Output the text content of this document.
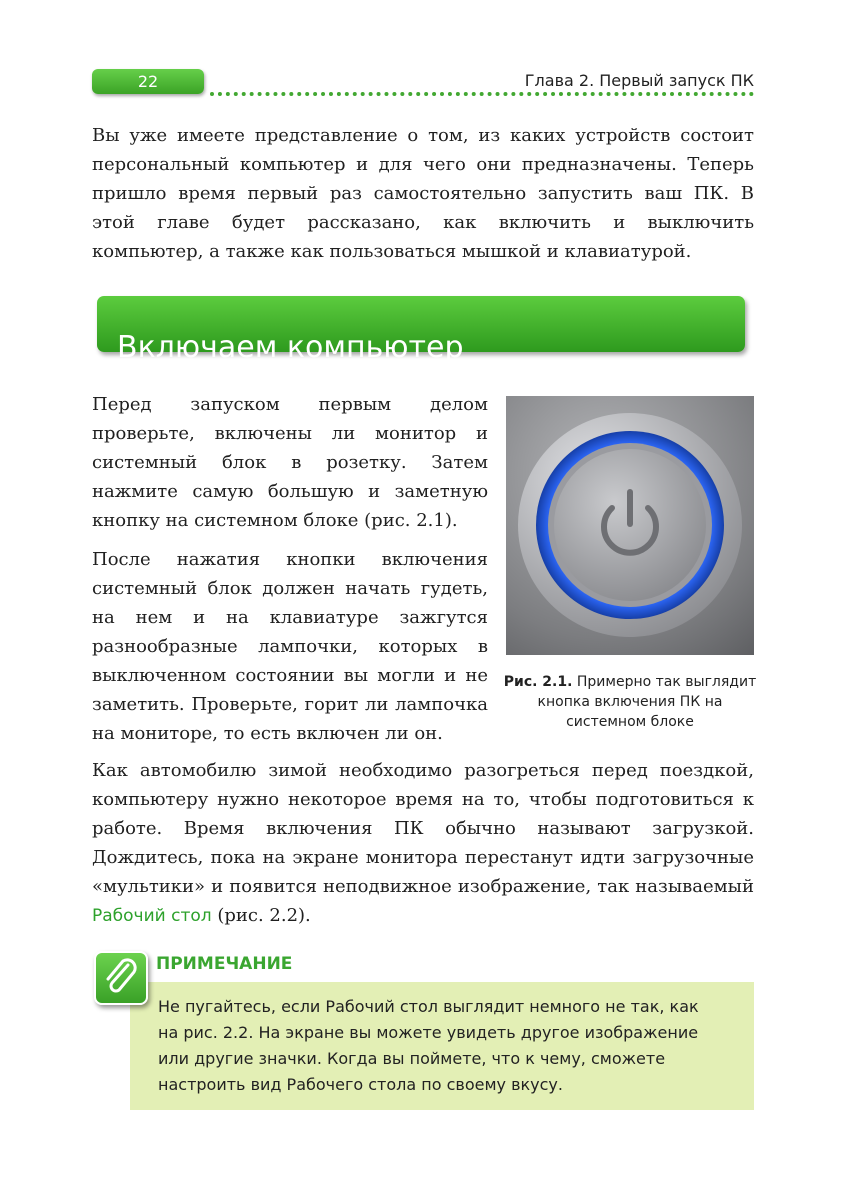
22	Глава 2. Первый запуск ПК

Вы уже имеете представление о том, из каких устройств состоит персональный компьютер и для чего они предназначены. Теперь пришло время первый раз самостоятельно запустить ваш ПК. В этой главе будет рассказано, как включить и выключить компьютер, а также как пользоваться мышкой и клавиатурой.

Включаем компьютер

Перед запуском первым делом проверьте, включены ли монитор и системный блок в розетку. Затем нажмите самую большую и заметную кнопку на системном блоке (рис. 2.1).

После нажатия кнопки включения системный блок должен начать гудеть, на нем и на клавиатуре зажгутся разнообразные лампочки, которых в выключенном состоянии вы могли и не заметить. Проверьте, горит ли лампочка на мониторе, то есть включен ли он.

Рис. 2.1. Примерно так выглядит кнопка включения ПК на системном блоке

Как автомобилю зимой необходимо разогреться перед поездкой, компьютеру нужно некоторое время на то, чтобы подготовиться к работе. Время включения ПК обычно называют загрузкой. Дождитесь, пока на экране монитора перестанут идти загрузочные «мультики» и появится неподвижное изображение, так называемый Рабочий стол (рис. 2.2).

Не пугайтесь, если Рабочий стол выглядит немного не так, как на рис. 2.2. На экране вы можете увидеть другое изображение или другие значки. Когда вы поймете, что к чему, сможете настроить вид Рабочего стола по своему вкусу.

ПРИМЕЧАНИЕ
